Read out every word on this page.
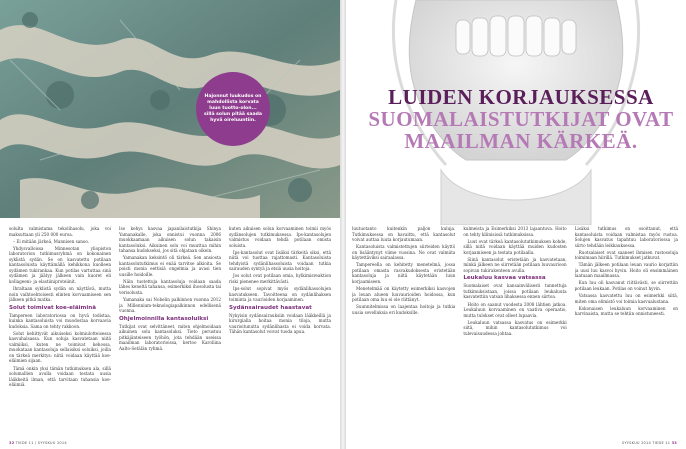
Hajonnut luukudos on mahdollista korvata luun tuotto-olon... sillä solun pitää saada hyvä oireluuntiin.

solulta valmistama tekolihasolu, joka voi maksuttaan yli 250 000 euroa.

– Ei mitään järkeä, Mannisen sanoo.

Yhdysvalloissa Minnesotan yliopiston laboratorion tutkimusryhmä on kokonainen syklistä sydän. Se on kasvatettu potilaan kantasoluista käyttämällä kehikkona kuolleen sydämen tukirankaa. Kun potilas vartuttaa sinä sydämen ja jäätyy jälkeen vain kuoret eli kollageeni- ja elastiiniproteiinit.

Ihraltaan syklistä sydän on näyttävä, mutta noin vaihtoehtoisesti elinten korvaamiseen sen jälkeen pitkä matka.

Solut toimivat koe-eläiminä

Tampereen laboratoriossa on hyvä todistaa, kuinka kantasoluista voi muodostaa korvaavia kudoksia. Sama on tehty rakkoon.

Solut kehittyvät aikuiseksi kolmiulotteisessa kasvuhalsassa. Kun soluja kasvatetaan niitä valmiiksi, kuten ne toimivat kehossa, muokataan kantasoluja sellaisiksi soluiksi, joilla on tärkeä merkitys: niitä voidaan käyttää koe-eläimien sijaan.

Tämä onkin yksi tämän tutkimuksen ala, sillä solumallien avulla voidaan testata uusia lääkkeitä ilman, että tarvitaan tuhansia koe-eläimiä.

Iso kehys kasvaa japanilaistutkija Shinya Yamanakalle, joka onnistui vuonna 2006 muokkaamaan aikuisen solun takaisin kantasoluksi. Aikuinen solu voi muuttua mihin tahansa kudokseksi, jos sitä ohjataan oikein.

Yamanakan keksintö oli tärkeä. Sen ansiosta kantasolututkimus ei enää tarvitse alkioita. Se poisti monia eettisiä ongelmia ja avasi tien uusille hoidoille.

Näin tuotettuja kantasoluja voidaan saada lähes keneltä tahansa, esimerkiksi ihosolusta tai verisolusta.

Yamanaka sai Nobelin palkinnon vuonna 2012 ja Millennium-teknologiapalkinnon edellisenä vuonna.

Ohjelmoinnilla kantasoluiksi

Tutkijat ovat selvittäneet, miten ohjelmoidaan aikuinen solu kantasoluksi. Tieto perustuu pitkäjänteiseen työhön, jota tehdään useissa maailman laboratorioissa, kertoo Karoliina Aalto-Setälän ryhmä.

kuten aikuisen solun korvaaminen toimii myös sydänsolujen tutkimuksessa. Ips-kantasolujen valmistus voidaan tehdä potilaan omista soluista.

Ips-kantasolut ovat lisäksi tärkeitä siksi, että niitä voi tuottaa rajattomasti. Kantasoluista tehdyistä sydänlihassoluista voidaan tutkia sairauden syntyä ja etsiä uusia hoitoja.

Jos solut ovat potilaan omia, hylkimisreaktion riski pienenee merkittävästi.

Ips-solut sopivat myös sydänlihassolujen kasvatukseen. Tavoitteena on sydänlihaksen toiminta ja vaurioiden korjaaminen.

Sydänsairaudet haastavat

Nykyisin sydänsairauksiin voidaan lääkkeillä ja kirurgialla hoitaa monia tiloja, mutta vaurioitunutta sydänlihasta ei voida korvata. Tähän kantasolut voivat tuoda apua.

32 TIEDE 11 / SYYSKUU 2014
LUIDEN KORJAUKSESSA
SUOMALAISTUTKIJAT OVAT
MAAILMAN KÄRKEÄ.

luutuotanto kuitenkin paljon kuluja. Tutkimuksessa on havaittu, että kantasolut voivat auttaa luuta korjautumaan.

Kantasoluista valmistettujen siirteiden käyttö on lisääntynyt viime vuosina. Ne ovat valmiita käytettäviksi sairaalassa.

Tampereella on kehitetty menetelmä, jossa potilaan omasta rasvakudoksesta eristetään kantasoluja ja niitä käytetään luun korjaamiseen.

Menetelmää on käytetty esimerkiksi kasvojen ja leuan alueen luuvaurioiden hoidossa, kun potilaan oma luu ei ole riittänyt.

Suunnitelmissa on laajentaa hoitoja ja tutkia uusia sovelluksia eri kudoksille.

kulmeista ja Esimerkiksi 2013 lajaantuva. Hoito on tehty kliinisissä tutkimuksissa.

Luut ovat tärkeä kantasolututkimuksen kohde, sillä niitä voidaan käyttää muiden kudosten korjaamiseen ja testata potilaalla.

Siinä kantasolut eristetään ja kasvatetaan, minkä jälkeen ne siirretään potilaan luuvaurioon sopivan tukirakenteen avulla.

Leukaluu kasvaa vatsassa

Suomalaiset ovat kansainvälisesti tunnettuja tutkimuksistaan, joissa potilaan leukaluuta kasvatettiin vatsan lihaksessa ennen siirtoa.

Hoito on saanut vuodesta 2008 lähtien jatkoa. Leukaluun korvaaminen on vaativa operaatio, mutta tulokset ovat olleet lupaavia.

Leukaluun vatsassa kasvatus on esimerkki siitä, mihin kantasolututkimus voi tulevaisuudessa johtaa.

Lisäksi tutkimus on osoittanut, että kantasoluista voidaan valmistaa myös rustoa. Solujen kasvatus tapahtuu laboratoriossa ja siirto tehdään leikkauksessa.

Ruotsalaiset ovat saaneet ihmisen rustosoluja toimimaan hiirillä. Tutkimukset jatkuvat.

Tämän jälkeen potilaan leuan vaurio korjattiin ja uusi luu kasvoi hyvin. Hoito oli ensimmäinen laatuaan maailmassa.

Kun luu oli kasvanut riittävästi, se siirrettiin potilaan leukaan. Potilas on voinut hyvin.

Vatsassa kasvatettu luu on esimerkki siitä, miten oma elimistö voi toimia kasvualustana.

Kokonaisen leukaluun korvaaminen on harvinaista, mutta se tehtiin onnistuneesti.

SYYSKUU 2014 TIEDE 11 33
